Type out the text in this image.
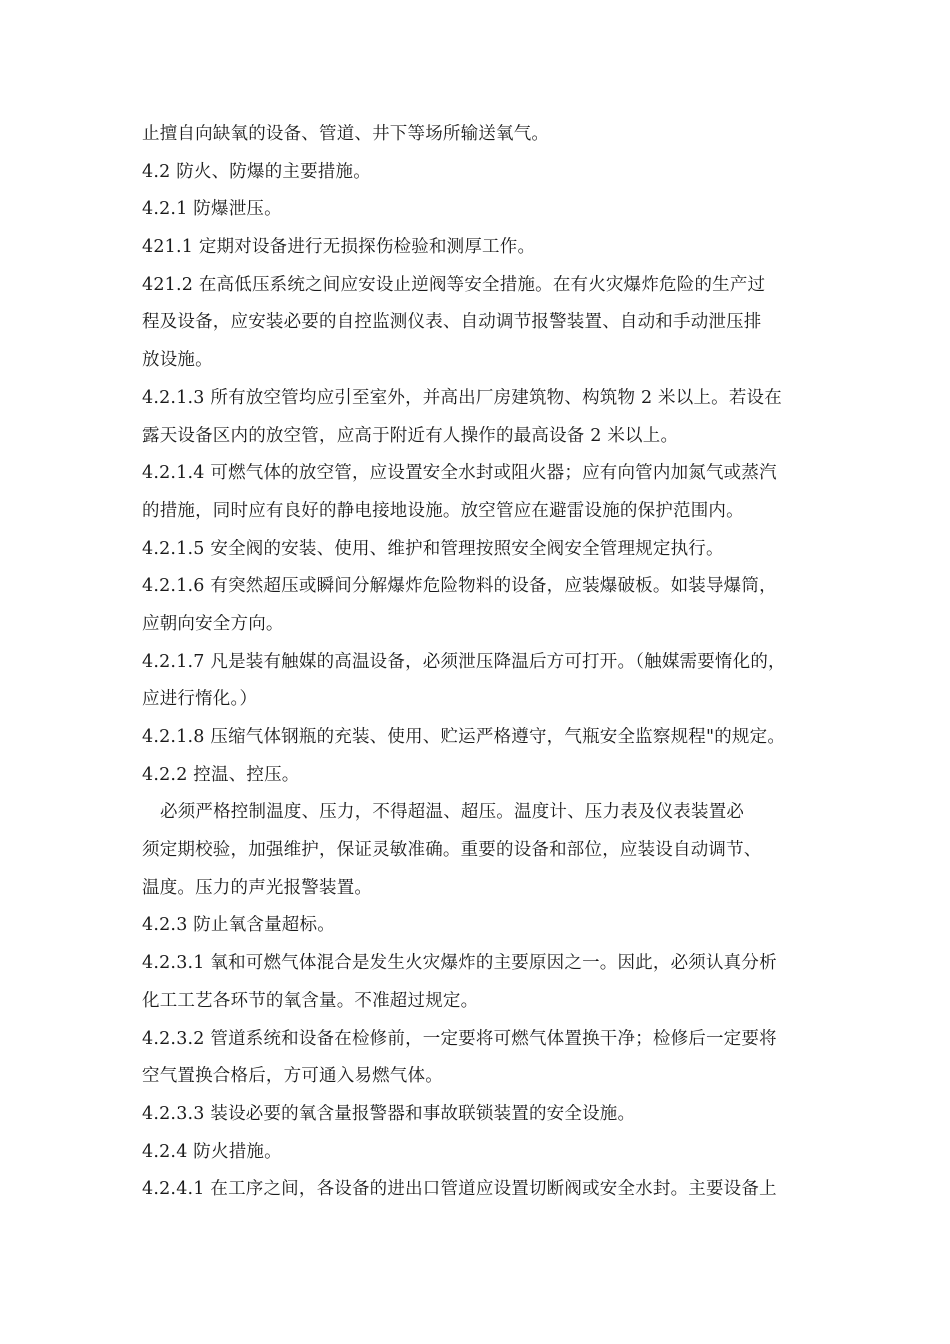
止擅自向缺氧的设备、管道、井下等场所输送氧气。
4.2 防火、防爆的主要措施。
4.2.1 防爆泄压。
421.1 定期对设备进行无损探伤检验和测厚工作。
421.2 在高低压系统之间应安设止逆阀等安全措施。在有火灾爆炸危险的生产过
程及设备，应安装必要的自控监测仪表、自动调节报警装置、自动和手动泄压排
放设施。
4.2.1.3 所有放空管均应引至室外，并高出厂房建筑物、构筑物 2 米以上。若设在
露天设备区内的放空管，应高于附近有人操作的最高设备 2 米以上。
4.2.1.4 可燃气体的放空管，应设置安全水封或阻火器；应有向管内加氮气或蒸汽
的措施，同时应有良好的静电接地设施。放空管应在避雷设施的保护范围内。
4.2.1.5 安全阀的安装、使用、维护和管理按照安全阀安全管理规定执行。
4.2.1.6 有突然超压或瞬间分解爆炸危险物料的设备，应装爆破板。如装导爆筒，
应朝向安全方向。
4.2.1.7 凡是装有触媒的高温设备，必须泄压降温后方可打开。（触媒需要惰化的，
应进行惰化。）
4.2.1.8 压缩气体钢瓶的充装、使用、贮运严格遵守，气瓶安全监察规程"的规定。
4.2.2 控温、控压。
必须严格控制温度、压力，不得超温、超压。温度计、压力表及仪表装置必
须定期校验，加强维护，保证灵敏准确。重要的设备和部位，应装设自动调节、
温度。压力的声光报警装置。
4.2.3 防止氧含量超标。
4.2.3.1 氧和可燃气体混合是发生火灾爆炸的主要原因之一。因此，必须认真分析
化工工艺各环节的氧含量。不准超过规定。
4.2.3.2 管道系统和设备在检修前，一定要将可燃气体置换干净；检修后一定要将
空气置换合格后，方可通入易燃气体。
4.2.3.3 装设必要的氧含量报警器和事故联锁装置的安全设施。
4.2.4 防火措施。
4.2.4.1 在工序之间，各设备的进出口管道应设置切断阀或安全水封。主要设备上
